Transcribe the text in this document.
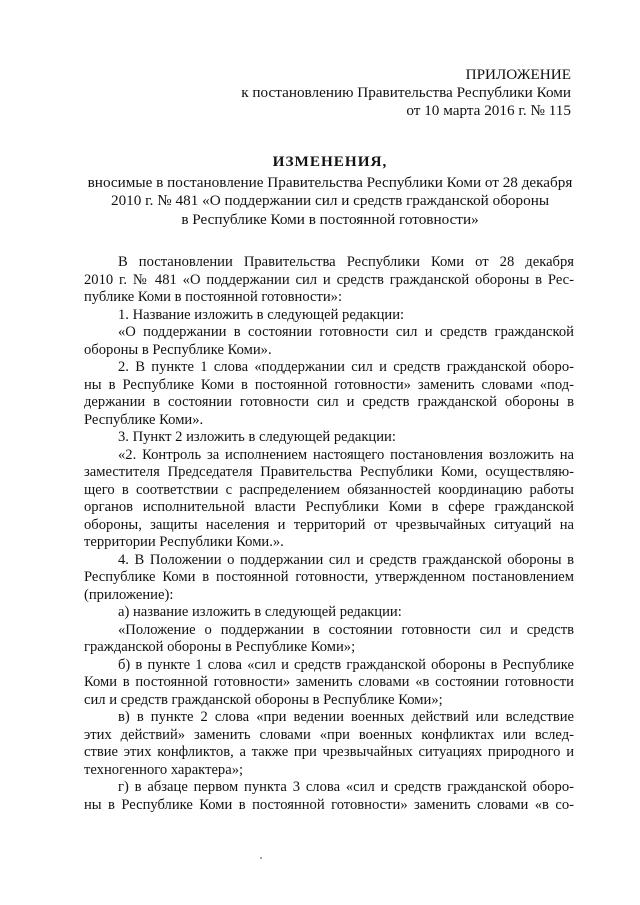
ПРИЛОЖЕНИЕ
к постановлению Правительства Республики Коми
от 10 марта 2016 г. № 115
ИЗМЕНЕНИЯ,
вносимые в постановление Правительства Республики Коми от 28 декабря
2010 г. № 481 «О поддержании сил и средств гражданской обороны
в Республике Коми в постоянной готовности»
В постановлении Правительства Республики Коми от 28 декабря
2010 г. № 481 «О поддержании сил и средств гражданской обороны в Рес-
публике Коми в постоянной готовности»:
1. Название изложить в следующей редакции:
«О поддержании в состоянии готовности сил и средств гражданской
обороны в Республике Коми».
2. В пункте 1 слова «поддержании сил и средств гражданской оборо-
ны в Республике Коми в постоянной готовности» заменить словами «под-
держании в состоянии готовности сил и средств гражданской обороны в
Республике Коми».
3. Пункт 2 изложить в следующей редакции:
«2. Контроль за исполнением настоящего постановления возложить на
заместителя Председателя Правительства Республики Коми, осуществляю-
щего в соответствии с распределением обязанностей координацию работы
органов исполнительной власти Республики Коми в сфере гражданской
обороны, защиты населения и территорий от чрезвычайных ситуаций на
территории Республики Коми.».
4. В Положении о поддержании сил и средств гражданской обороны в
Республике Коми в постоянной готовности, утвержденном постановлением
(приложение):
а) название изложить в следующей редакции:
«Положение о поддержании в состоянии готовности сил и средств
гражданской обороны в Республике Коми»;
б) в пункте 1 слова «сил и средств гражданской обороны в Республике
Коми в постоянной готовности» заменить словами «в состоянии готовности
сил и средств гражданской обороны в Республике Коми»;
в) в пункте 2 слова «при ведении военных действий или вследствие
этих действий» заменить словами «при военных конфликтах или вслед-
ствие этих конфликтов, а также при чрезвычайных ситуациях природного и
техногенного характера»;
г) в абзаце первом пункта 3 слова «сил и средств гражданской оборо-
ны в Республике Коми в постоянной готовности» заменить словами «в со-
